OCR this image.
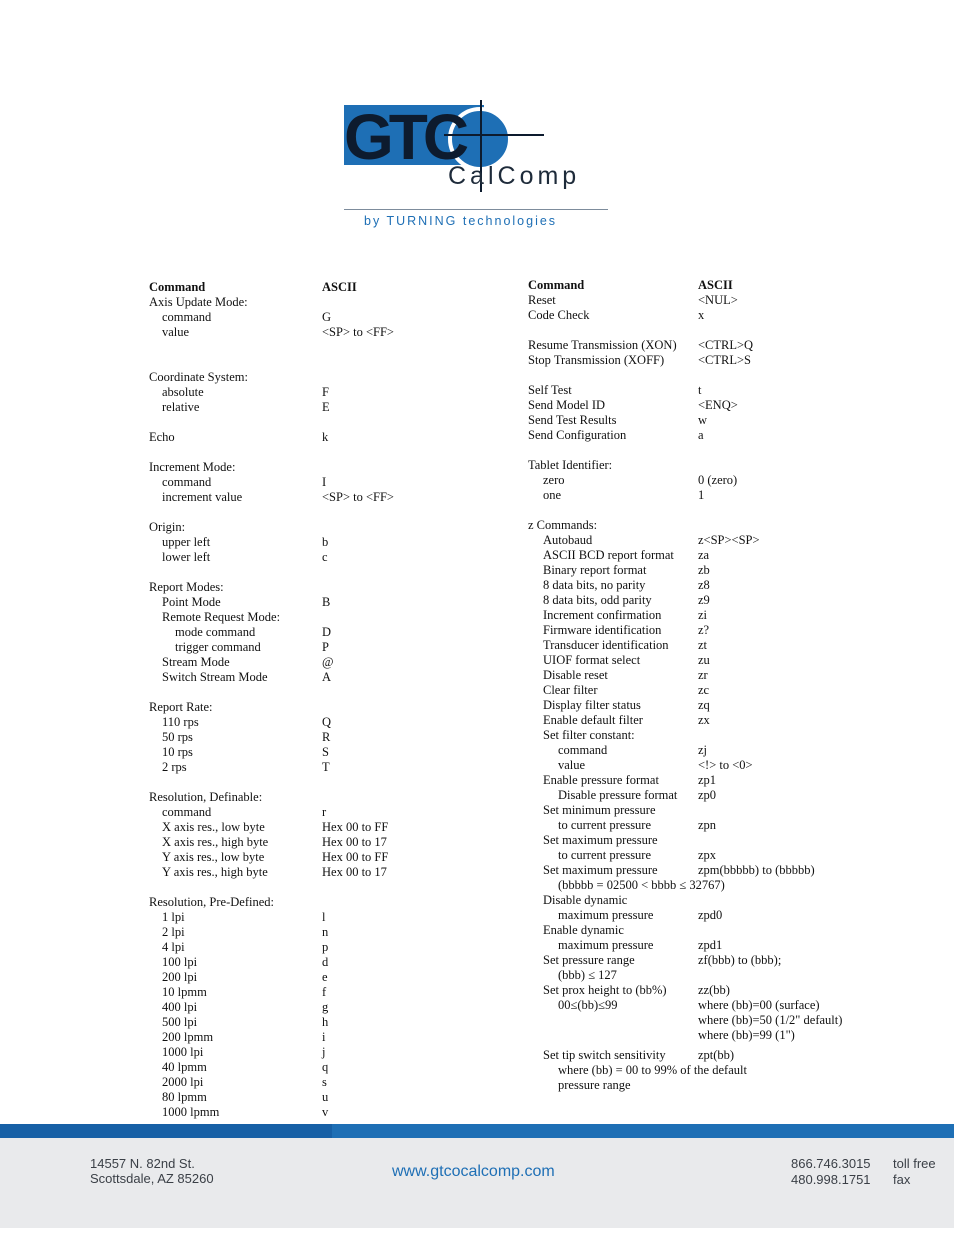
GTC
CalComp
by TURNING technologies
Command	ASCII
Axis Update Mode:
command	G
value	<SP> to <FF>
Coordinate System:
absolute	F
relative	E
Echo	k
Increment Mode:
command	I
increment value	<SP> to <FF>
Origin:
upper left	b
lower left	c
Report Modes:
Point Mode	B
Remote Request Mode:
mode command	D
trigger command	P
Stream Mode	@
Switch Stream Mode	A
Report Rate:
110 rps	Q
50 rps	R
10 rps	S
2 rps	T
Resolution, Definable:
command	r
X axis res., low byte	Hex 00 to FF
X axis res., high byte	Hex 00 to 17
Y axis res., low byte	Hex 00 to FF
Y axis res., high byte	Hex 00 to 17
Resolution, Pre-Defined:
1 lpi	l
2 lpi	n
4 lpi	p
100 lpi	d
200 lpi	e
10 lpmm	f
400 lpi	g
500 lpi	h
200 lpmm	i
1000 lpi	j
40 lpmm	q
2000 lpi	s
80 lpmm	u
1000 lpmm	v
Command	ASCII
Reset	<NUL>
Code Check	x
Resume Transmission (XON) <CTRL>Q
Stop Transmission (XOFF)	<CTRL>S
Self Test	t
Send Model ID	<ENQ>
Send Test Results	w
Send Configuration	a
Tablet Identifier:
zero	0 (zero)
one	1
z Commands:
Autobaud	z<SP><SP>
ASCII BCD report format za
Binary report format	zb
8 data bits, no parity	z8
8 data bits, odd parity	z9
Increment confirmation	zi
Firmware identification	z?
Transducer identification zt
UIOF format select	zu
Disable reset	zr
Clear filter	zc
Display filter status	zq
Enable default filter	zx
Set filter constant:
command	zj
value	<!> to <0>
Enable pressure format	zp1
Disable pressure format zp0
Set minimum pressure
to current pressure	zpn
Set maximum pressure
to current pressure	zpx
Set maximum pressure	zpm(bbbbb) to (bbbbb)
(bbbbb = 02500 < bbbb ≤ 32767)
Disable dynamic
maximum pressure	zpd0
Enable dynamic
maximum pressure	zpd1
Set pressure range	zf(bbb) to (bbb);
(bbb) ≤ 127
Set prox height to (bb%)	zz(bb)
00≤(bb)≤99	where (bb)=00 (surface)
where (bb)=50 (1/2" default)
where (bb)=99 (1")
Set tip switch sensitivity	zpt(bb)
where (bb) = 00 to 99% of the default
pressure range
14557 N. 82nd St.
Scottsdale, AZ 85260	www.gtcocalcomp.com	866.746.3015 toll free
480.998.1751 fax
